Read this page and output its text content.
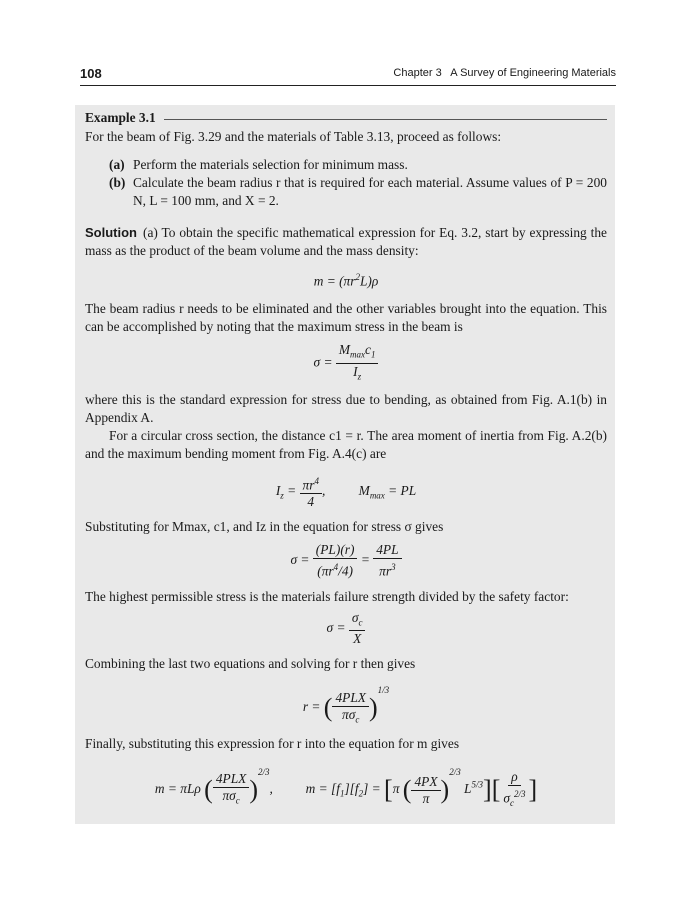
108	Chapter 3   A Survey of Engineering Materials
Example 3.1

For the beam of Fig. 3.29 and the materials of Table 3.13, proceed as follows:

(a) Perform the materials selection for minimum mass.
(b) Calculate the beam radius r that is required for each material. Assume values of P = 200 N, L = 100 mm, and X = 2.

Solution (a) To obtain the specific mathematical expression for Eq. 3.2, start by expressing the mass as the product of the beam volume and the mass density:

$m = (\pi r^2L)\rho$

The beam radius r needs to be eliminated and the other variables brought into the equation. This can be accomplished by noting that the maximum stress in the beam is

$\sigma = \frac{M_{max}c_1}{I_z}$

where this is the standard expression for stress due to bending, as obtained from Fig. A.1(b) in Appendix A.

For a circular cross section, the distance c1 = r. The area moment of inertia from Fig. A.2(b) and the maximum bending moment from Fig. A.4(c) are

$I_z = \frac{\pi r^4}{4}$ , $M_{max}$ = PL

Substituting for Mmax, c1, and Iz in the equation for stress σ gives

$\sigma = \frac{(PL)(r)}{(\pi r^4/4)} = \frac{4PL}{\pi r^3}$

The highest permissible stress is the materials failure strength divided by the safety factor:

$\sigma = \frac{\sigma_c}{X}$

Combining the last two equations and solving for r then gives

r = ( $\frac{\text{4PLX}}{\pi\sigma_c} )^{1/3}$

Finally, substituting this expression for r into the equation for m gives

m = πLρ ( $\frac{\text{4PLX}}{\pi\sigma_c} )^{2/3}$,  $m = [f_1][f_2] = [\pi$ ( $\frac{4PX}{\pi} )^{2/3}$ $L^{5/3}][ \frac{\rho}{\sigma_c^{2/3}}$ ]
